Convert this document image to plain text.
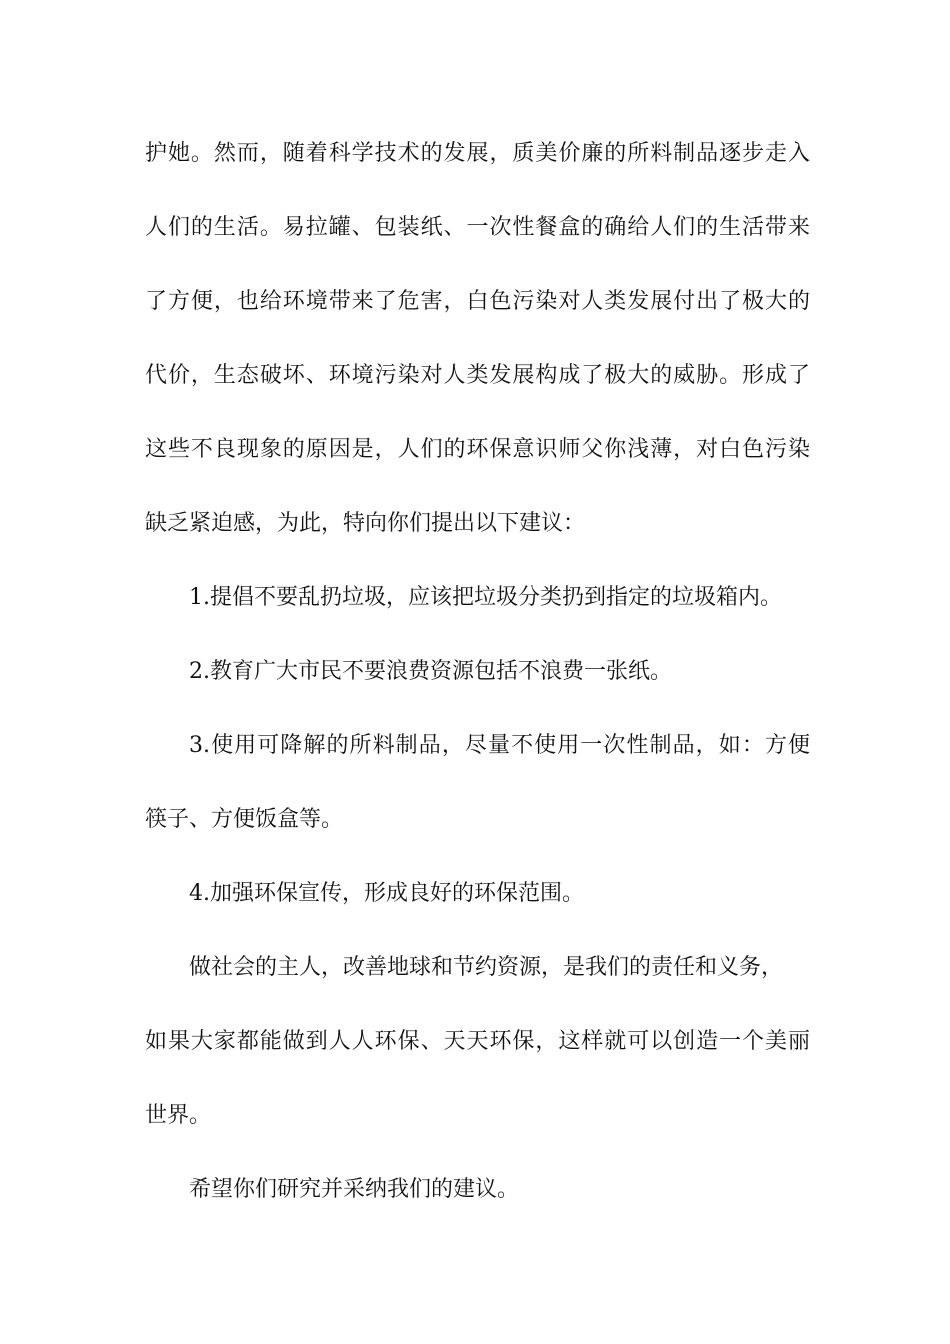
护她。然而，随着科学技术的发展，质美价廉的所料制品逐步走入
人们的生活。易拉罐、包装纸、一次性餐盒的确给人们的生活带来
了方便，也给环境带来了危害，白色污染对人类发展付出了极大的
代价，生态破坏、环境污染对人类发展构成了极大的威胁。形成了
这些不良现象的原因是，人们的环保意识师父你浅薄，对白色污染
缺乏紧迫感，为此，特向你们提出以下建议：
1.提倡不要乱扔垃圾，应该把垃圾分类扔到指定的垃圾箱内。
2.教育广大市民不要浪费资源包括不浪费一张纸。
3.使用可降解的所料制品，尽量不使用一次性制品，如：方便
筷子、方便饭盒等。
4.加强环保宣传，形成良好的环保范围。
做社会的主人，改善地球和节约资源，是我们的责任和义务，
如果大家都能做到人人环保、天天环保，这样就可以创造一个美丽
世界。
希望你们研究并采纳我们的建议。
